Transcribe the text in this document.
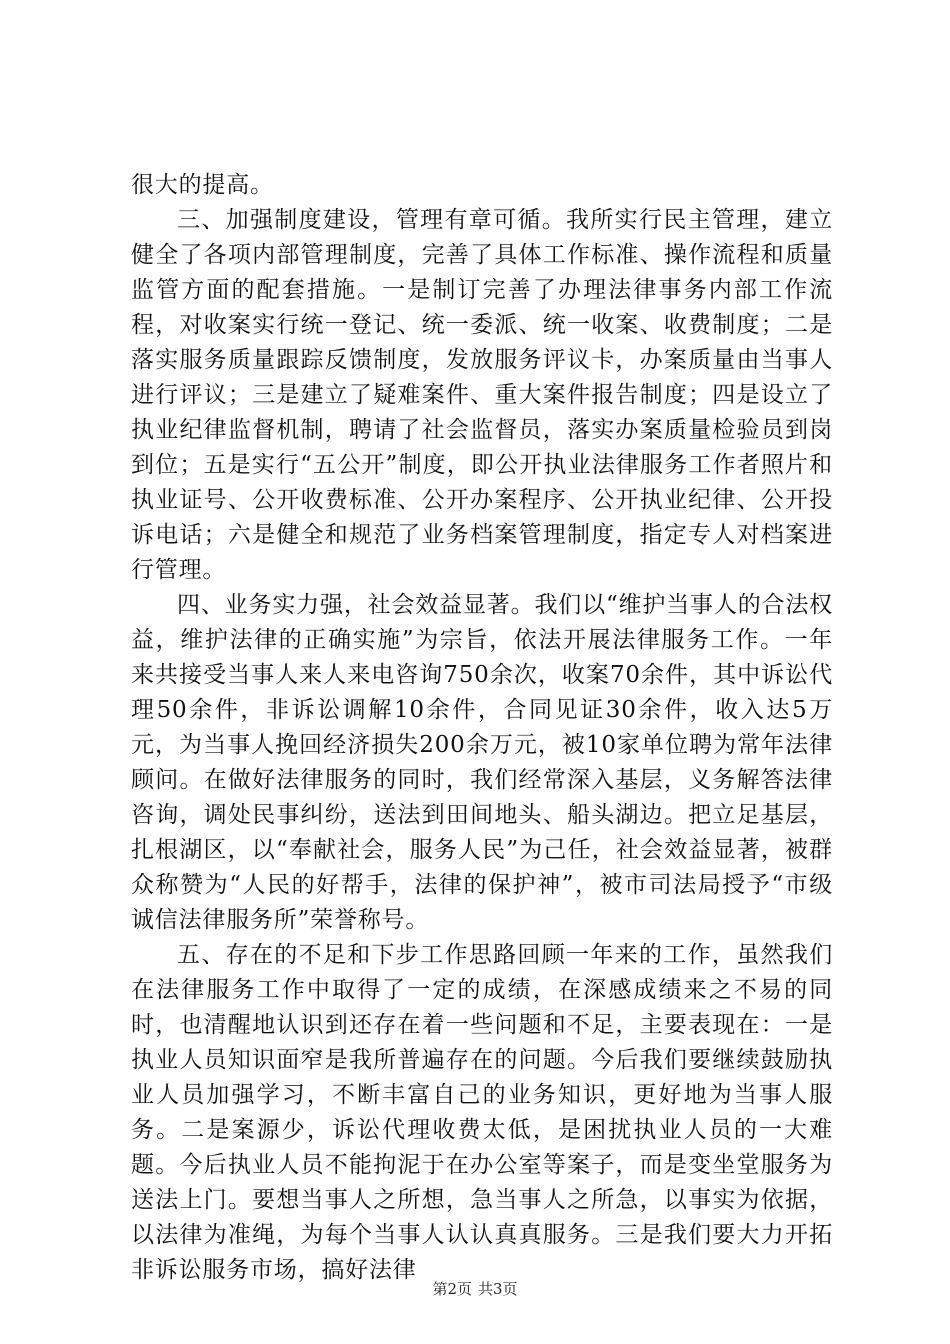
很大的提高。

三、加强制度建设，管理有章可循。我所实行民主管理，建立健全了各项内部管理制度，完善了具体工作标准、操作流程和质量监管方面的配套措施。一是制订完善了办理法律事务内部工作流程，对收案实行统一登记、统一委派、统一收案、收费制度；二是落实服务质量跟踪反馈制度，发放服务评议卡，办案质量由当事人进行评议；三是建立了疑难案件、重大案件报告制度；四是设立了执业纪律监督机制，聘请了社会监督员，落实办案质量检验员到岗到位；五是实行“五公开”制度，即公开执业法律服务工作者照片和执业证号、公开收费标准、公开办案程序、公开执业纪律、公开投诉电话；六是健全和规范了业务档案管理制度，指定专人对档案进行管理。

四、业务实力强，社会效益显著。我们以“维护当事人的合法权益，维护法律的正确实施”为宗旨，依法开展法律服务工作。一年来共接受当事人来人来电咨询750余次，收案70余件，其中诉讼代理50余件，非诉讼调解10余件，合同见证30余件，收入达5万元，为当事人挽回经济损失200余万元，被10家单位聘为常年法律顾问。在做好法律服务的同时，我们经常深入基层，义务解答法律咨询，调处民事纠纷，送法到田间地头、船头湖边。把立足基层，扎根湖区，以“奉献社会，服务人民”为己任，社会效益显著，被群众称赞为“人民的好帮手，法律的保护神”，被市司法局授予“市级诚信法律服务所”荣誉称号。

五、存在的不足和下步工作思路回顾一年来的工作，虽然我们在法律服务工作中取得了一定的成绩，在深感成绩来之不易的同时，也清醒地认识到还存在着一些问题和不足，主要表现在：一是执业人员知识面窄是我所普遍存在的问题。今后我们要继续鼓励执业人员加强学习，不断丰富自己的业务知识，更好地为当事人服务。二是案源少，诉讼代理收费太低，是困扰执业人员的一大难题。今后执业人员不能拘泥于在办公室等案子，而是变坐堂服务为送法上门。要想当事人之所想，急当事人之所急，以事实为依据，以法律为准绳，为每个当事人认认真真服务。三是我们要大力开拓非诉讼服务市场，搞好法律

第2页 共3页
